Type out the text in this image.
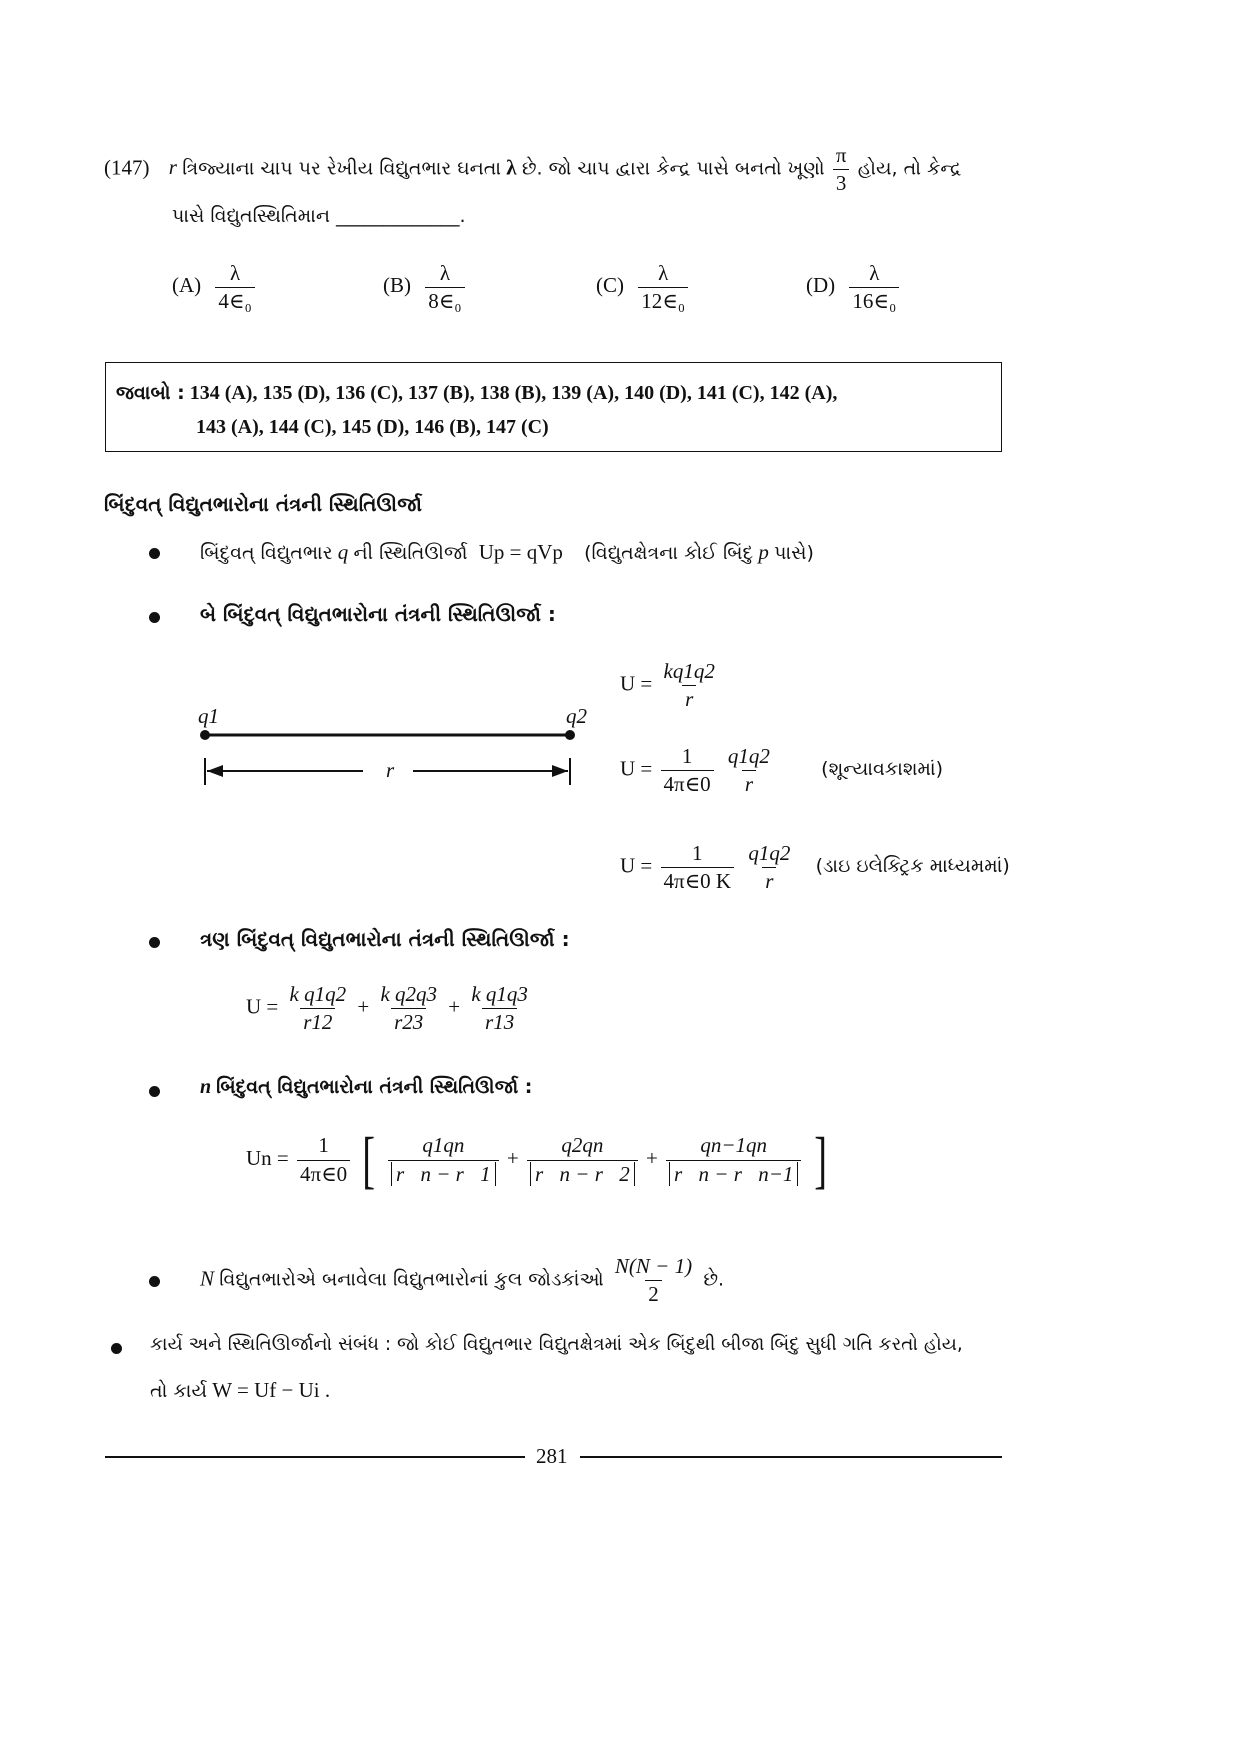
(147) r ત્રિજ્યાના ચાપ પર રેખીય વિદ્યુતભાર ઘનતા λ છે. જો ચાપ દ્વારા કેન્દ્ર પાસે બનતો ખૂણો $\frac{\pi}{3}$ હોય, તો કેન્દ્ર
પાસે વિદ્યુતસ્થિતિમાન _____________.
$(A) \frac{\lambda}{\text{4∈₀}}$	$(B) \frac{\lambda}{\text{8∈₀}}$	$(C) \frac{\lambda}{\text{12∈₀}}$	$(D) \frac{\lambda}{\text{16∈₀}}$
જવાબો : 134 (A), 135 (D), 136 (C), 137 (B), 138 (B), 139 (A), 140 (D), 141 (C), 142 (A),
143 (A), 144 (C), 145 (D), 146 (B), 147 (C)
બિંદુવત્ વિદ્યુતભારોના તંત્રની સ્થિતિઊર્જા
બિંદુવત્ વિદ્યુતભાર q ની સ્થિતિઊર્જા Up = qVp (વિદ્યુતક્ષેત્રના કોઈ બિંદુ p પાસે)
બે બિંદુવત્ વિદ્યુતભારોના તંત્રની સ્થિતિઊર્જા :
q1	q2
r
$U = \frac{kq1q2}{r}$
$U = \frac{1}{4\pi\in 0}$
$\frac{q1q2}{r}$	(શૂન્યાવકાશમાં)
$U = \frac{1}{4\pi\in 0 K}$
$\frac{q1q2}{r}$ (ડાઇ ઇલેક્ટ્રિક માધ્યમમાં)
ત્રણ બિંદુવત્ વિદ્યુતભારોના તંત્રની સ્થિતિઊર્જા :
$U = \frac{\text{k q1q2}}{r12} + \frac{\text{k q2q3}}{r23} + \frac{\text{k q1q3}}{r13}$
n બિંદુવત્ વિદ્યુતભારોના તંત્રની સ્થિતિઊર્જા :
$Un = \frac{1}{4\pi\in 0}$ [ $\frac{q1qn}{r⃗n - r⃗1} + \frac{q2qn}{r⃗n - r⃗2} + \frac{qn-1qn}{r⃗n - r⃗n-1}$ ]
N વિદ્યુતભારોએ બનાવેલા વિદ્યુતભારોનાં કુલ જોડકાંઓ $\frac{N(N - 1)}{2}$ છે.
કાર્ય અને સ્થિતિઊર્જાનો સંબંધ : જો કોઈ વિદ્યુતભાર વિદ્યુતક્ષેત્રમાં એક બિંદુથી બીજા બિંદુ સુધી ગતિ કરતો હોય,
તો કાર્ય W = Uf − Ui .
281
